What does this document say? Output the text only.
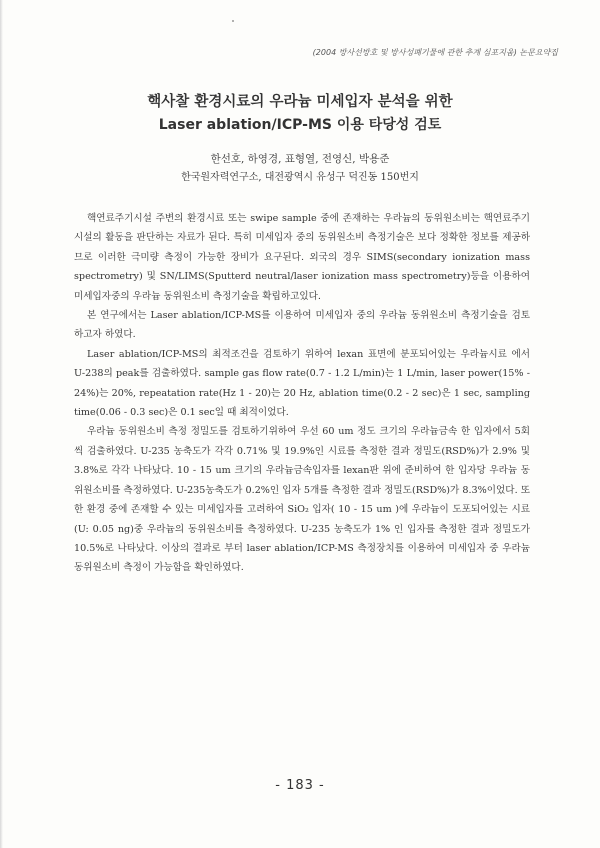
(2004 방사선방호 및 방사성폐기물에 관한 추계 심포지움) 논문요약집
핵사찰 환경시료의 우라늄 미세입자 분석을 위한
Laser ablation/ICP-MS 이용 타당성 검토
한선호, 하영경, 표형열, 전영신, 박용준
한국원자력연구소, 대전광역시 유성구 덕진동 150번지

핵연료주기시설 주변의 환경시료 또는 swipe sample 중에 존재하는 우라늄의 동위원소비는 핵연료주기시설의 활동을 판단하는 자료가 된다. 특히 미세입자 중의 동위원소비 측정기술은 보다 정확한 정보를 제공하므로 이러한 극미량 측정이 가능한 장비가 요구된다. 외국의 경우 SIMS(secondary ionization mass spectrometry) 및 SN/LIMS(Sputterd neutral/laser ionization mass spectrometry)등을 이용하여 미세입자중의 우라늄 동위원소비 측정기술을 확립하고있다.

본 연구에서는 Laser ablation/ICP-MS를 이용하여 미세입자 중의 우라늄 동위원소비 측정기술을 검토하고자 하였다.

Laser ablation/ICP-MS의 최적조건을 검토하기 위하여 lexan 표면에 분포되어있는 우라늄시료 에서 U-238의 peak를 검출하였다. sample gas flow rate(0.7 - 1.2 L/min)는 1 L/min, laser power(15% - 24%)는 20%, repeatation rate(Hz 1 - 20)는 20 Hz, ablation time(0.2 - 2 sec)은 1 sec, sampling time(0.06 - 0.3 sec)은 0.1 sec일 때 최적이었다.

우라늄 동위원소비 측정 정밀도를 검토하기위하여 우선 60 um 정도 크기의 우라늄금속 한 입자에서 5회 씩 검출하였다. U-235 농축도가 각각 0.71% 및 19.9%인 시료를 측정한 결과 정밀도(RSD%)가 2.9% 및 3.8%로 각각 나타났다. 10 - 15 um 크기의 우라늄금속입자를 lexan판 위에 준비하여 한 입자당 우라늄 동위원소비를 측정하였다. U-235농축도가 0.2%인 입자 5개를 측정한 결과 정밀도(RSD%)가 8.3%이었다. 또한 환경 중에 존재할 수 있는 미세입자를 고려하여 SiO₂ 입자( 10 - 15 um )에 우라늄이 도포되어있는 시료(U: 0.05 ng)중 우라늄의 동위원소비를 측정하였다. U-235 농축도가 1% 인 입자를 측정한 결과 정밀도가 10.5%로 나타났다. 이상의 결과로 부터 laser ablation/ICP-MS 측정장치를 이용하여 미세입자 중 우라늄 동위원소비 측정이 가능함을 확인하였다.

- 183 -
